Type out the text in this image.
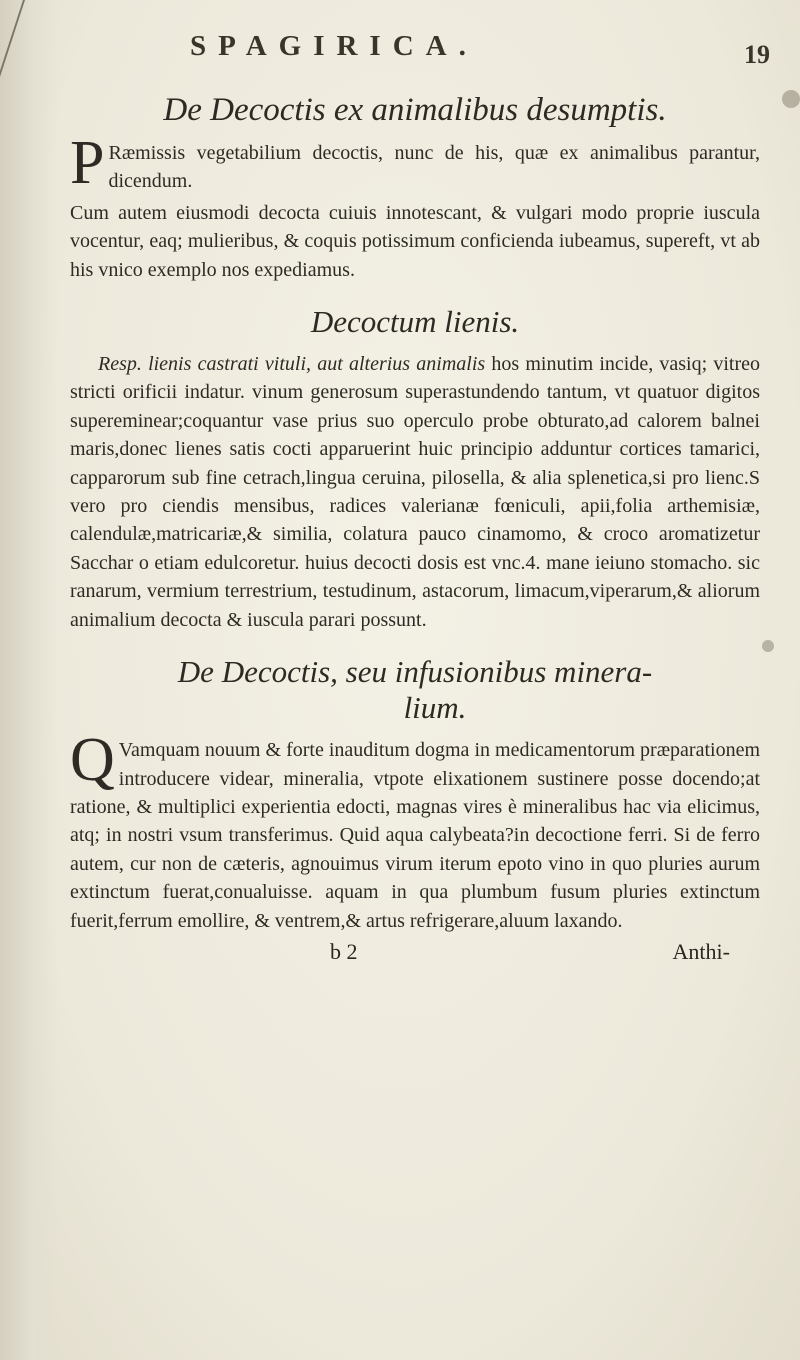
SPAGIRICA.	19
De Decoctis ex animalibus desumptis.

PRæmissis vegetabilium decoctis, nunc de his, quæ ex animalibus parantur, dicendum.

Cum autem eiusmodi decocta cuiuis innotescant, & vulgari modo proprie iuscula vocentur, eaq; mulieribus, & coquis potissimum conficienda iubeamus, supereft, vt ab his vnico exemplo nos expediamus.

Decoctum lienis.

Resp. lienis castrati vituli, aut alterius animalis hos minutim incide, vasiq; vitreo stricti orificii indatur. vinum generosum superastundendo tantum, vt quatuor digitos supereminear;coquantur vase prius suo operculo probe obturato,ad calorem balnei maris,donec lienes satis cocti apparuerint huic principio adduntur cortices tamarici, capparorum sub fine cetrach,lingua ceruina, pilosella, & alia splenetica,si pro lienc.S vero pro ciendis mensibus, radices valerianæ fœniculi, apii,folia arthemisiæ, calendulæ,matricariæ,& similia, colatura pauco cinamomo, & croco aromatizetur Sacchar o etiam edulcoretur. huius decocti dosis est vnc.4. mane ieiuno stomacho. sic ranarum, vermium terrestrium, testudinum, astacorum, limacum,viperarum,& aliorum animalium decocta & iuscula parari possunt.

De Decoctis, seu infusionibus minera-
lium.

QVamquam nouum & forte inauditum dogma in medicamentorum præparationem introducere videar, mineralia, vtpote elixationem sustinere posse docendo;at ratione, & multiplici experientia edocti, magnas vires è mineralibus hac via elicimus, atq; in nostri vsum transferimus. Quid aqua calybeata?in decoctione ferri. Si de ferro autem, cur non de cæteris, agnouimus virum iterum epoto vino in quo pluries aurum extinctum fuerat,conualuisse. aquam in qua plumbum fusum pluries extinctum fuerit,ferrum emollire, & ventrem,& artus refrigerare,aluum laxando.

b 2	Anthi-
